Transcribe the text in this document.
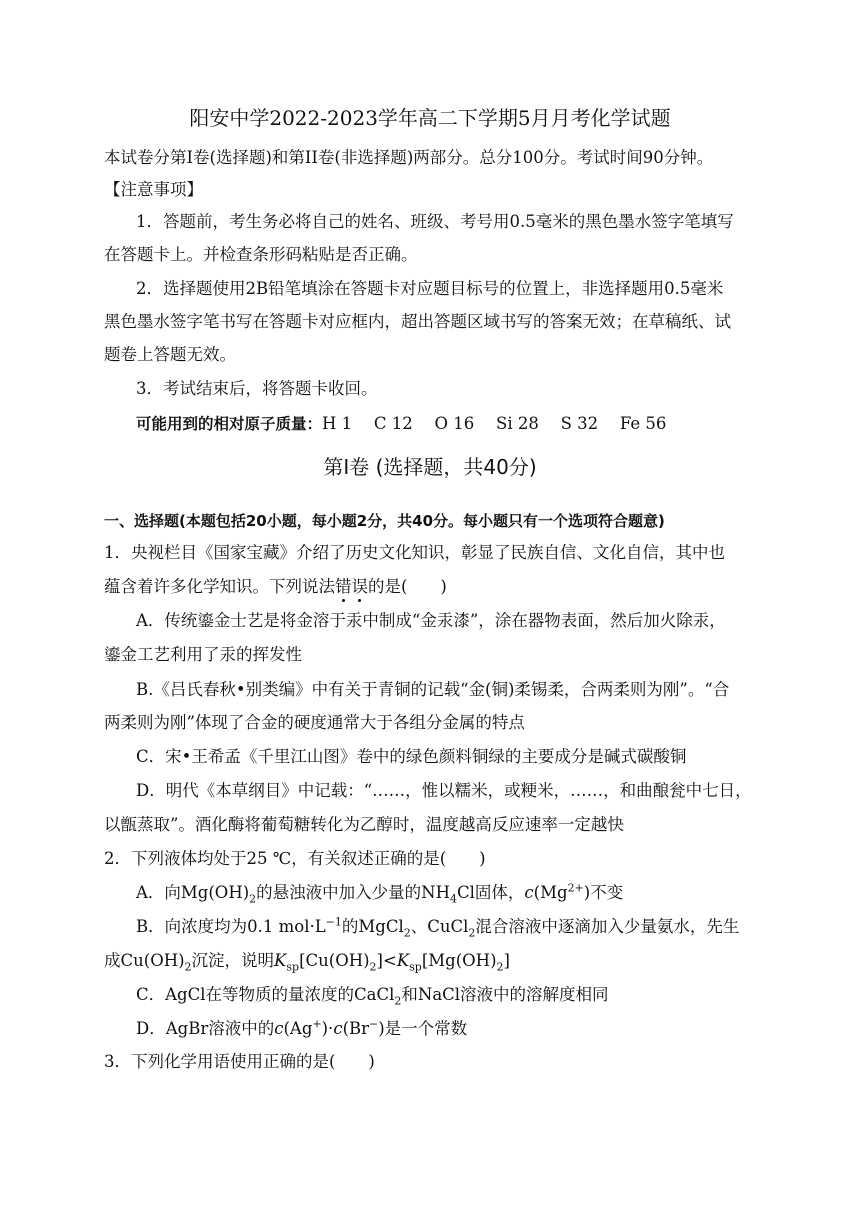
阳安中学2022-2023学年高二下学期5月月考化学试题
本试卷分第I卷(选择题)和第II卷(非选择题)两部分。总分100分。考试时间90分钟。
【注意事项】
1．答题前，考生务必将自己的姓名、班级、考号用0.5毫米的黑色墨水签字笔填写
在答题卡上。并检查条形码粘贴是否正确。
2．选择题使用2B铅笔填涂在答题卡对应题目标号的位置上，非选择题用0.5毫米
黑色墨水签字笔书写在答题卡对应框内，超出答题区域书写的答案无效；在草稿纸、试
题卷上答题无效。
3．考试结束后，将答题卡收回。
可能用到的相对原子质量：H 1　 C 12　 O 16　 Si 28　 S 32　 Fe 56
第Ⅰ卷 (选择题，共40分)
一、选择题(本题包括20小题，每小题2分，共40分。每小题只有一个选项符合题意)
1．央视栏目《国家宝藏》介绍了历史文化知识，彰显了民族自信、文化自信，其中也
蕴含着许多化学知识。下列说法错误的是(　　)
A．传统鎏金士艺是将金溶于汞中制成“金汞漆”，涂在器物表面，然后加火除汞，
鎏金工艺利用了汞的挥发性
B.《吕氏春秋•别类编》中有关于青铜的记载“金(铜)柔锡柔，合两柔则为刚”。“合
两柔则为刚”体现了合金的硬度通常大于各组分金属的特点
C．宋•王希孟《千里江山图》卷中的绿色颜料铜绿的主要成分是碱式碳酸铜
D．明代《本草纲目》中记载：“……，惟以糯米，或粳米，……，和曲酿瓮中七日，
以甑蒸取”。酒化酶将葡萄糖转化为乙醇时，温度越高反应速率一定越快
2．下列液体均处于25 ℃，有关叙述正确的是(　　)
A．向$Mg(OH)_2$的悬浊液中加入少量的$NH_4Cl$固体，$c(Mg^{2+})$不变
B．向浓度均为0.1 $mol\cdot L^{-1}$的MgCl$_2$、CuCl$_2$混合溶液中逐滴加入少量氨水，先生
成$Cu(OH)_2$沉淀，说明$K_{sp}[Cu(OH)_2]<K_{sp}[Mg(OH)_2]$
C．AgCl在等物质的量浓度的CaCl$_2$和NaCl溶液中的溶解度相同
D．AgBr溶液中的c(Ag+)·c(Br−)是一个常数
3．下列化学用语使用正确的是(　　)
